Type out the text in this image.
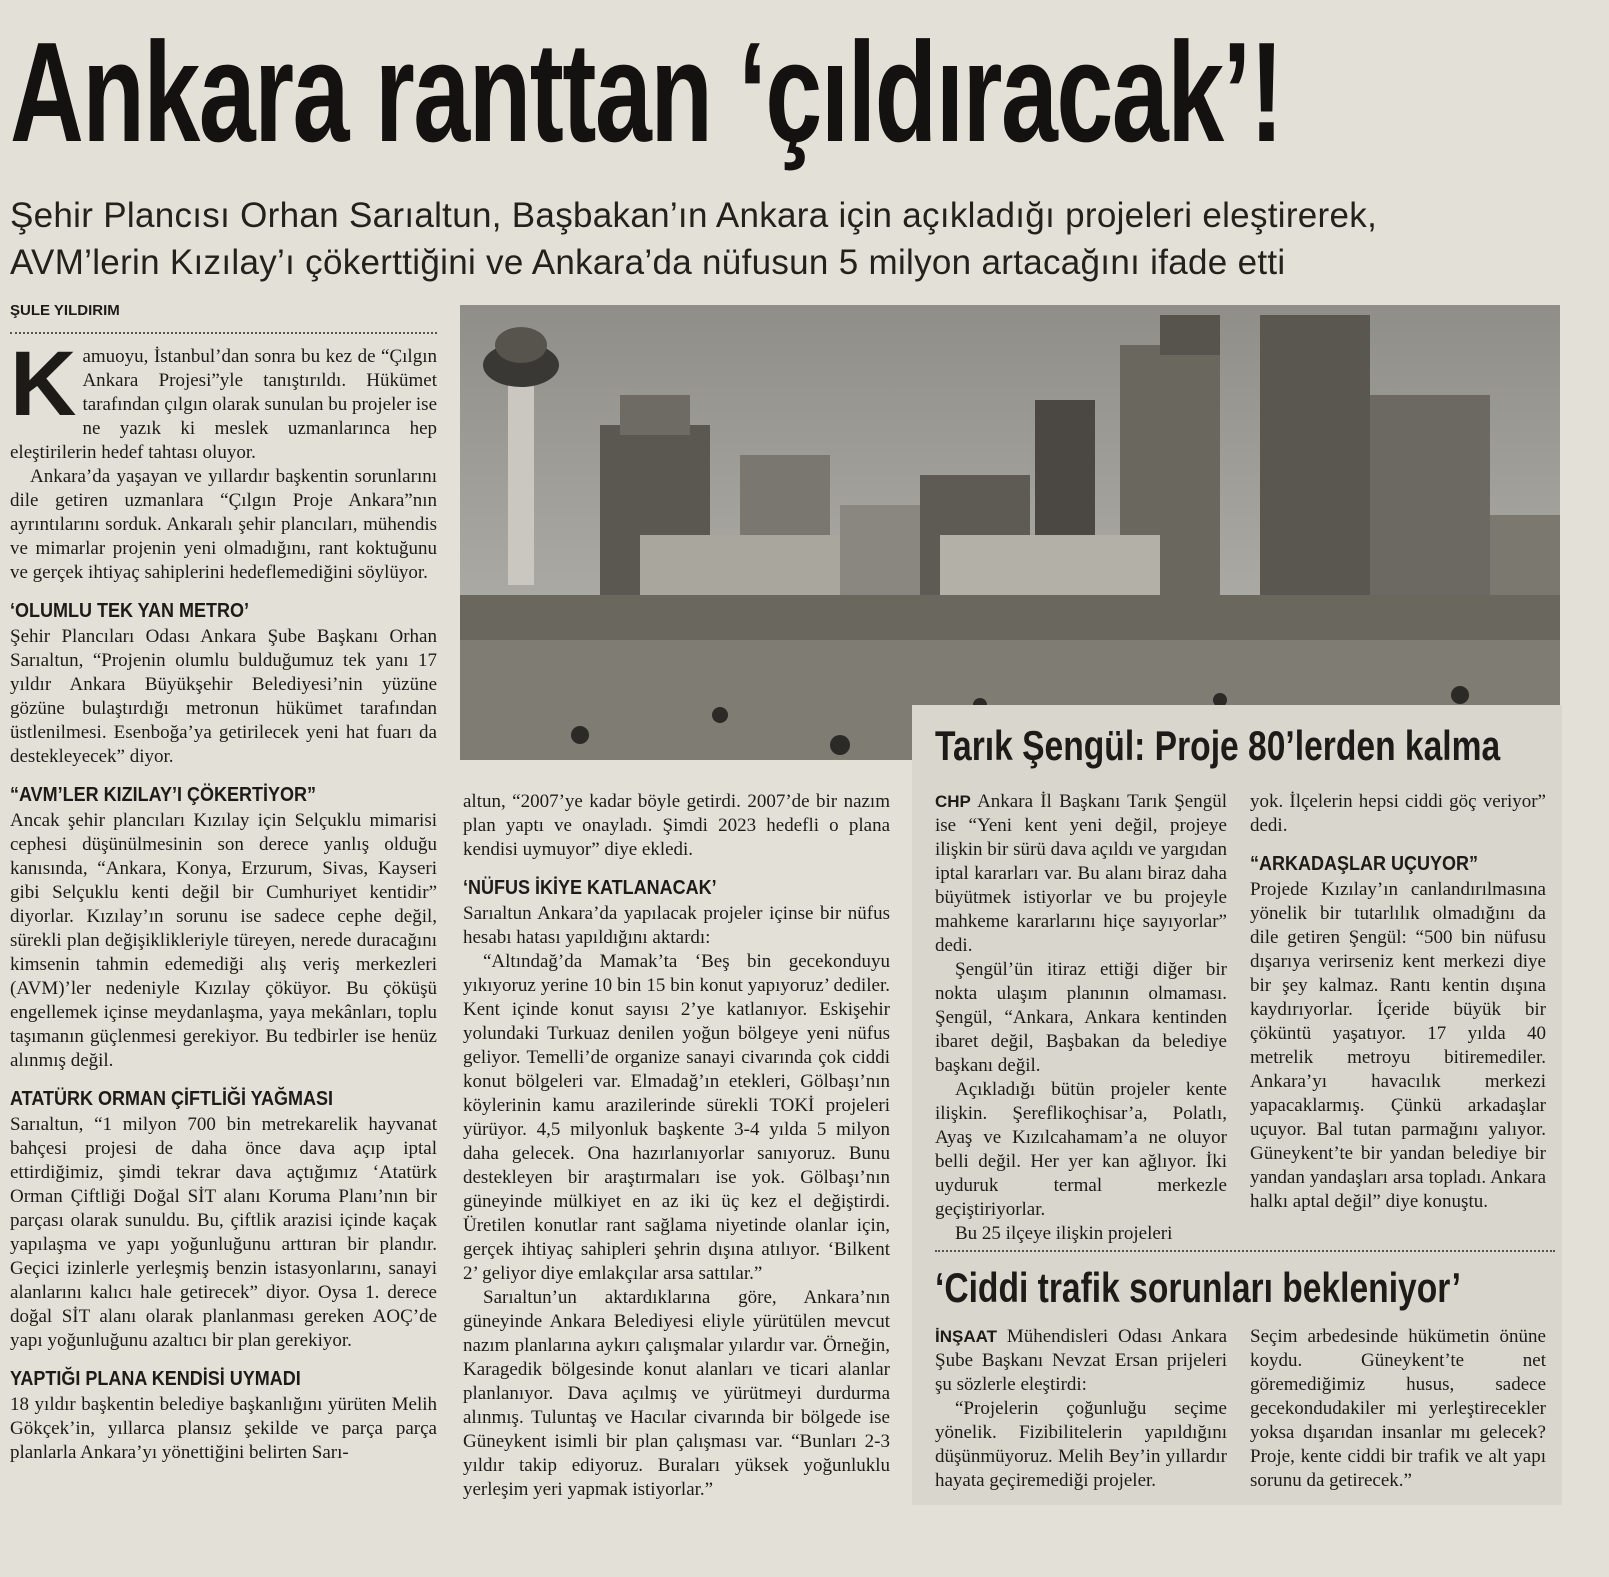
Ankara ranttan ‘çıldıracak’!
Şehir Plancısı Orhan Sarıaltun, Başbakan’ın Ankara için açıkladığı projeleri eleştirerek,
AVM’lerin Kızılay’ı çökerttiğini ve Ankara’da nüfusun 5 milyon artacağını ifade etti
ŞULE YILDIRIM
K amuoyu, İstanbul’dan sonra bu kez de “Çılgın Ankara Projesi”yle tanıştırıldı. Hükümet tarafından çılgın olarak sunulan bu projeler ise ne yazık ki meslek uzmanlarınca hep eleştirilerin hedef tahtası oluyor.

Ankara’da yaşayan ve yıllardır başkentin sorunlarını dile getiren uzmanlara “Çılgın Proje Ankara”nın ayrıntılarını sorduk. Ankaralı şehir plancıları, mühendis ve mimarlar projenin yeni olmadığını, rant koktuğunu ve gerçek ihtiyaç sahiplerini hedeflemediğini söylüyor.

‘OLUMLU TEK YAN METRO’

Şehir Plancıları Odası Ankara Şube Başkanı Orhan Sarıaltun, “Projenin olumlu bulduğumuz tek yanı 17 yıldır Ankara Büyükşehir Belediyesi’nin yüzüne gözüne bulaştırdığı metronun hükümet tarafından üstlenilmesi. Esenboğa’ya getirilecek yeni hat fuarı da destekleyecek” diyor.

“AVM’LER KIZILAY’I ÇÖKERTİYOR”

Ancak şehir plancıları Kızılay için Selçuklu mimarisi cephesi düşünülmesinin son derece yanlış olduğu kanısında, “Ankara, Konya, Erzurum, Sivas, Kayseri gibi Selçuklu kenti değil bir Cumhuriyet kentidir” diyorlar. Kızılay’ın sorunu ise sadece cephe değil, sürekli plan değişiklikleriyle türeyen, nerede duracağını kimsenin tahmin edemediği alış veriş merkezleri (AVM)’ler nedeniyle Kızılay çöküyor. Bu çöküşü engellemek içinse meydanlaşma, yaya mekânları, toplu taşımanın güçlenmesi gerekiyor. Bu tedbirler ise henüz alınmış değil.

ATATÜRK ORMAN ÇİFTLİĞİ YAĞMASI

Sarıaltun, “1 milyon 700 bin metrekarelik hayvanat bahçesi projesi de daha önce dava açıp iptal ettirdiğimiz, şimdi tekrar dava açtığımız ‘Atatürk Orman Çiftliği Doğal SİT alanı Koruma Planı’nın bir parçası olarak sunuldu. Bu, çiftlik arazisi içinde kaçak yapılaşma ve yapı yoğunluğunu arttıran bir plandır. Geçici izinlerle yerleşmiş benzin istasyonlarını, sanayi alanlarını kalıcı hale getirecek” diyor. Oysa 1. derece doğal SİT alanı olarak planlanması gereken AOÇ’de yapı yoğunluğunu azaltıcı bir plan gerekiyor.

YAPTIĞI PLANA KENDİSİ UYMADI

18 yıldır başkentin belediye başkanlığını yürüten Melih Gökçek’in, yıllarca plansız şekilde ve parça parça planlarla Ankara’yı yönettiğini belirten Sarı-

altun, “2007’ye kadar böyle getirdi. 2007’de bir nazım plan yaptı ve onayladı. Şimdi 2023 hedefli o plana kendisi uymuyor” diye ekledi.

‘NÜFUS İKİYE KATLANACAK’

Sarıaltun Ankara’da yapılacak projeler içinse bir nüfus hesabı hatası yapıldığını aktardı:

“Altındağ’da Mamak’ta ‘Beş bin gecekonduyu yıkıyoruz yerine 10 bin 15 bin konut yapıyoruz’ dediler. Kent içinde konut sayısı 2’ye katlanıyor. Eskişehir yolundaki Turkuaz denilen yoğun bölgeye yeni nüfus geliyor. Temelli’de organize sanayi civarında çok ciddi konut bölgeleri var. Elmadağ’ın etekleri, Gölbaşı’nın köylerinin kamu arazilerinde sürekli TOKİ projeleri yürüyor. 4,5 milyonluk başkente 3-4 yılda 5 milyon daha gelecek. Ona hazırlanıyorlar sanıyoruz. Bunu destekleyen bir araştırmaları ise yok. Gölbaşı’nın güneyinde mülkiyet en az iki üç kez el değiştirdi. Üretilen konutlar rant sağlama niyetinde olanlar için, gerçek ihtiyaç sahipleri şehrin dışına atılıyor. ‘Bilkent 2’ geliyor diye emlakçılar arsa sattılar.”

Sarıaltun’un aktardıklarına göre, Ankara’nın güneyinde Ankara Belediyesi eliyle yürütülen mevcut nazım planlarına aykırı çalışmalar yılardır var. Örneğin, Karagedik bölgesinde konut alanları ve ticari alanlar planlanıyor. Dava açılmış ve yürütmeyi durdurma alınmış. Tuluntaş ve Hacılar civarında bir bölgede ise Güneykent isimli bir plan çalışması var. “Bunları 2-3 yıldır takip ediyoruz. Buraları yüksek yoğunluklu yerleşim yeri yapmak istiyorlar.”

Tarık Şengül: Proje 80’lerden kalma

CHP Ankara İl Başkanı Tarık Şengül ise “Yeni kent yeni değil, projeye ilişkin bir sürü dava açıldı ve yargıdan iptal kararları var. Bu alanı biraz daha büyütmek istiyorlar ve bu projeyle mahkeme kararlarını hiçe sayıyorlar” dedi.

Şengül’ün itiraz ettiği diğer bir nokta ulaşım planının olmaması. Şengül, “Ankara, Ankara kentinden ibaret değil, Başbakan da belediye başkanı değil.

Açıkladığı bütün projeler kente ilişkin. Şereflikoçhisar’a, Polatlı, Ayaş ve Kızılcahamam’a ne oluyor belli değil. Her yer kan ağlıyor. İki uyduruk termal merkezle geçiştiriyorlar.

Bu 25 ilçeye ilişkin projeleri

yok. İlçelerin hepsi ciddi göç veriyor” dedi.

“ARKADAŞLAR UÇUYOR”

Projede Kızılay’ın canlandırılmasına yönelik bir tutarlılık olmadığını da dile getiren Şengül: “500 bin nüfusu dışarıya verirseniz kent merkezi diye bir şey kalmaz. Rantı kentin dışına kaydırıyorlar. İçeride büyük bir çöküntü yaşatıyor. 17 yılda 40 metrelik metroyu bitiremediler. Ankara’yı havacılık merkezi yapacaklarmış. Çünkü arkadaşlar uçuyor. Bal tutan parmağını yalıyor. Güneykent’te bir yandan belediye bir yandan yandaşları arsa topladı. Ankara halkı aptal değil” diye konuştu.

‘Ciddi trafik sorunları bekleniyor’

İNŞAAT Mühendisleri Odası Ankara Şube Başkanı Nevzat Ersan prijeleri şu sözlerle eleştirdi:

“Projelerin çoğunluğu seçime yönelik. Fizibilitelerin yapıldığını düşünmüyoruz. Melih Bey’in yıllardır hayata geçiremediği projeler.

Seçim arbedesinde hükümetin önüne koydu. Güneykent’te net göremediğimiz husus, sadece gecekondudakiler mi yerleştirecekler yoksa dışarıdan insanlar mı gelecek? Proje, kente ciddi bir trafik ve alt yapı sorunu da getirecek.”
